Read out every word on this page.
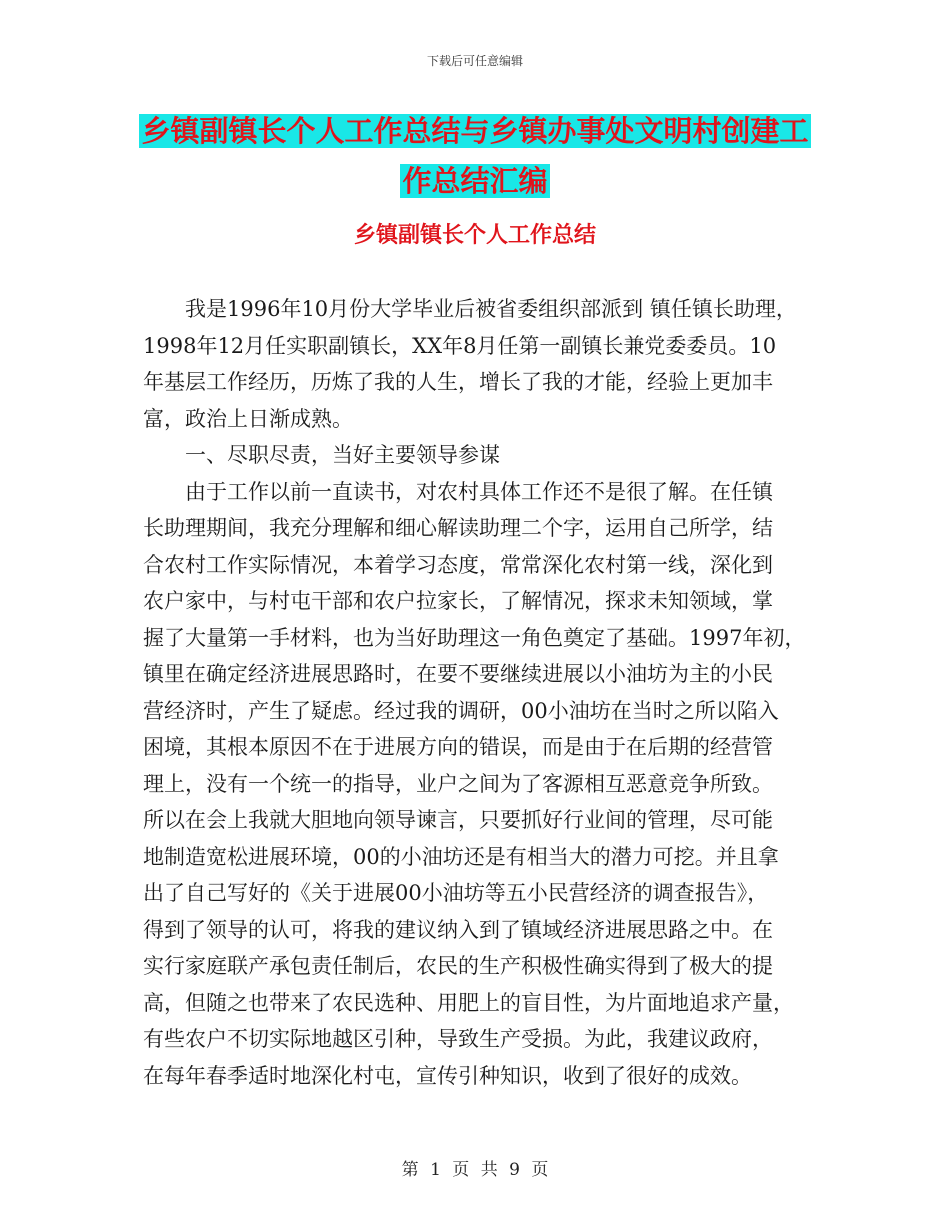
下载后可任意编辑
乡镇副镇长个人工作总结与乡镇办事处文明村创建工
作总结汇编
乡镇副镇长个人工作总结
我是1996年10月份大学毕业后被省委组织部派到 镇任镇长助理，
1998年12月任实职副镇长，XX年8月任第一副镇长兼党委委员。10
年基层工作经历，历炼了我的人生，增长了我的才能，经验上更加丰
富，政治上日渐成熟。
一、尽职尽责，当好主要领导参谋
由于工作以前一直读书，对农村具体工作还不是很了解。在任镇
长助理期间，我充分理解和细心解读助理二个字，运用自己所学，结
合农村工作实际情况，本着学习态度，常常深化农村第一线，深化到
农户家中，与村屯干部和农户拉家长，了解情况，探求未知领域，掌
握了大量第一手材料，也为当好助理这一角色奠定了基础。1997年初，
镇里在确定经济进展思路时，在要不要继续进展以小油坊为主的小民
营经济时，产生了疑虑。经过我的调研，00小油坊在当时之所以陷入
困境，其根本原因不在于进展方向的错误，而是由于在后期的经营管
理上，没有一个统一的指导，业户之间为了客源相互恶意竞争所致。
所以在会上我就大胆地向领导谏言，只要抓好行业间的管理，尽可能
地制造宽松进展环境，00的小油坊还是有相当大的潜力可挖。并且拿
出了自己写好的《关于进展00小油坊等五小民营经济的调查报告》，
得到了领导的认可，将我的建议纳入到了镇域经济进展思路之中。在
实行家庭联产承包责任制后，农民的生产积极性确实得到了极大的提
高，但随之也带来了农民选种、用肥上的盲目性，为片面地追求产量，
有些农户不切实际地越区引种，导致生产受损。为此，我建议政府，
在每年春季适时地深化村屯，宣传引种知识，收到了很好的成效。
第 1 页 共 9 页
